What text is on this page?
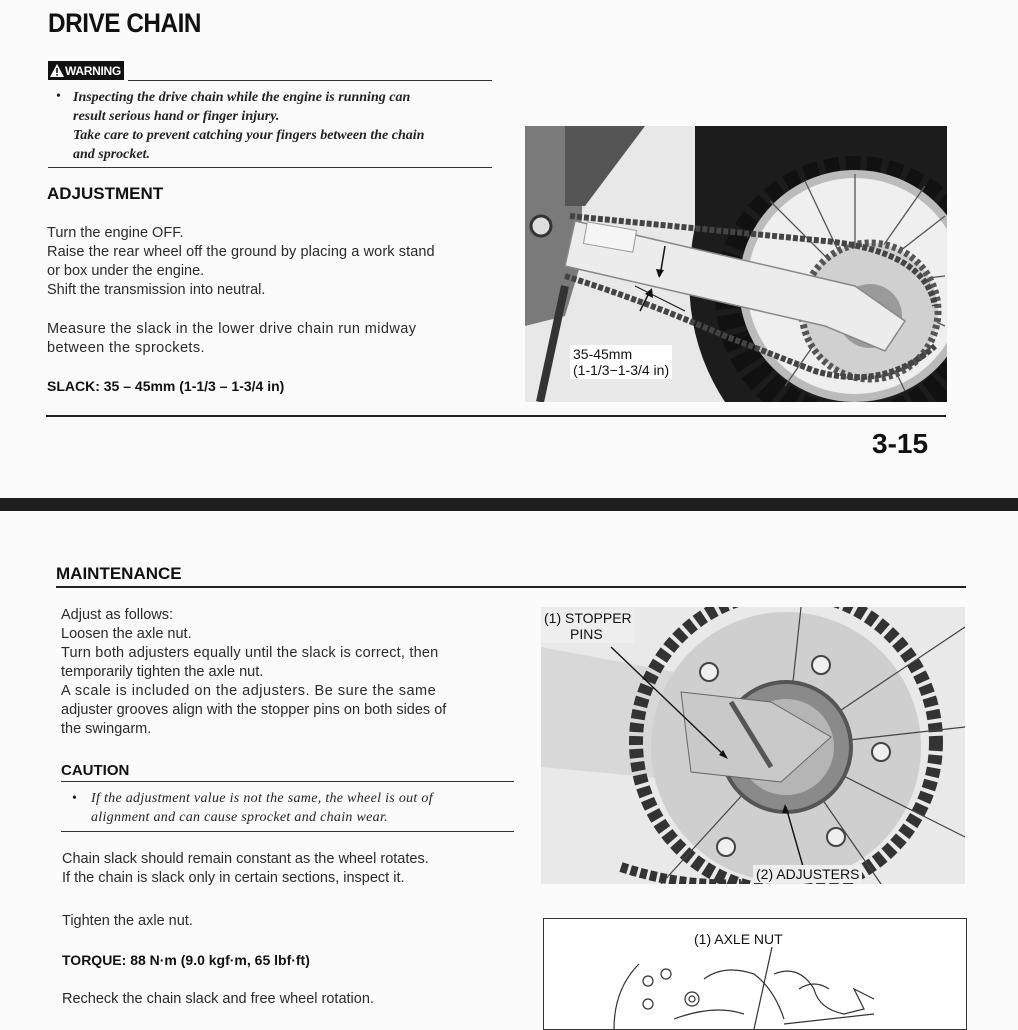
DRIVE CHAIN
WARNING
• Inspecting the drive chain while the engine is running can
result serious hand or finger injury.
Take care to prevent catching your fingers between the chain
and sprocket.
ADJUSTMENT
Turn the engine OFF.
Raise the rear wheel off the ground by placing a work stand
or box under the engine.
Shift the transmission into neutral.
Measure the slack in the lower drive chain run midway
between the sprockets.
SLACK: 35 – 45mm (1-1/3 – 1-3/4 in)
35-45mm
(1-1/3−1-3/4 in)
3-15
MAINTENANCE
Adjust as follows:
Loosen the axle nut.
Turn both adjusters equally until the slack is correct, then
temporarily tighten the axle nut.
A scale is included on the adjusters. Be sure the same
adjuster grooves align with the stopper pins on both sides of
the swingarm.
CAUTION
• If the adjustment value is not the same, the wheel is out of
alignment and can cause sprocket and chain wear.
Chain slack should remain constant as the wheel rotates.
If the chain is slack only in certain sections, inspect it.
Tighten the axle nut.
TORQUE: 88 N·m (9.0 kgf·m, 65 lbf·ft)
Recheck the chain slack and free wheel rotation.
(1) STOPPER
PINS
(2) ADJUSTERS
(1) AXLE NUT
